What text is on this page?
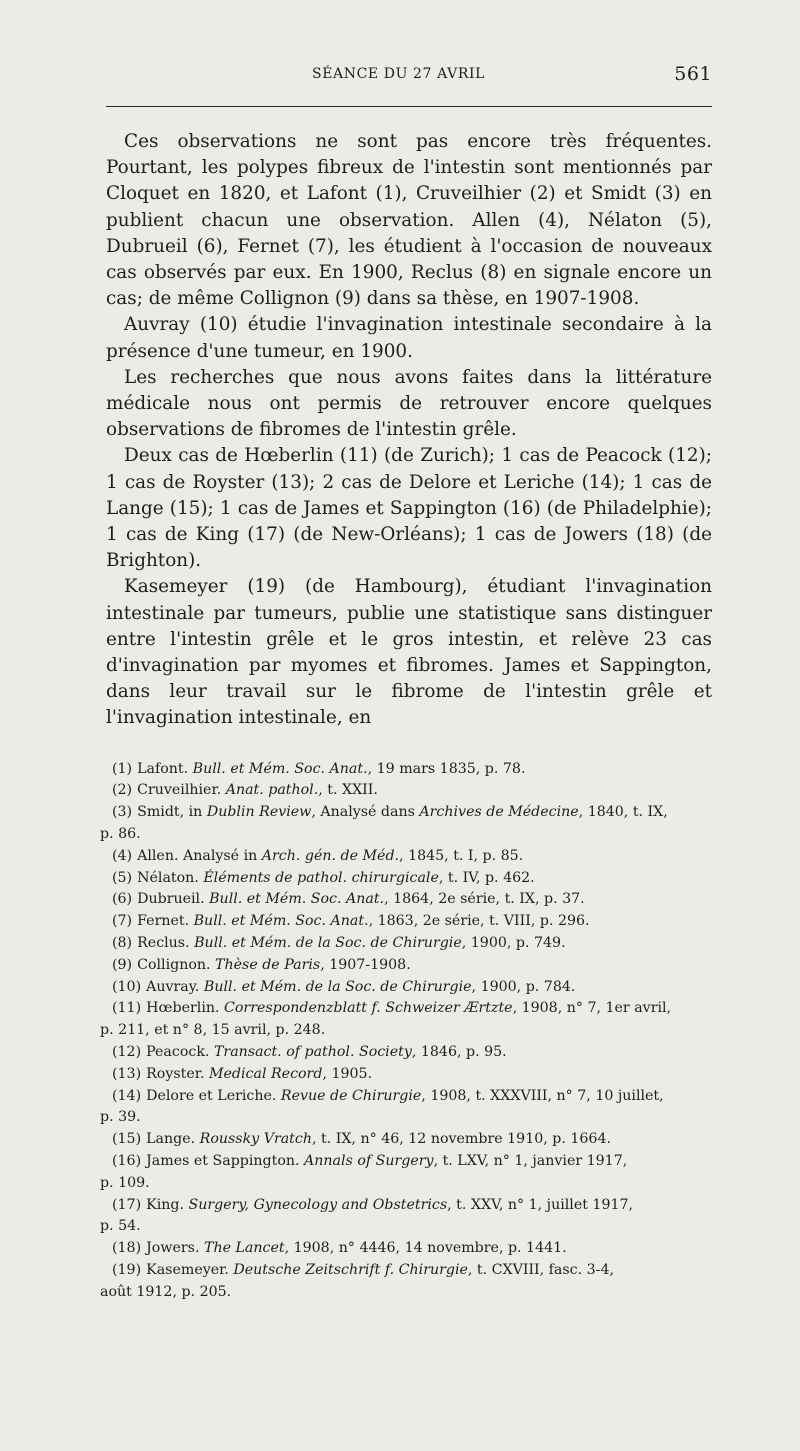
SÉANCE DU 27 AVRIL	561

Ces observations ne sont pas encore très fréquentes. Pourtant, les polypes fibreux de l'intestin sont mentionnés par Cloquet en 1820, et Lafont (1), Cruveilhier (2) et Smidt (3) en publient chacun une observation. Allen (4), Nélaton (5), Dubrueil (6), Fernet (7), les étudient à l'occasion de nouveaux cas observés par eux. En 1900, Reclus (8) en signale encore un cas; de même Collignon (9) dans sa thèse, en 1907-1908.

Auvray (10) étudie l'invagination intestinale secondaire à la présence d'une tumeur, en 1900.

Les recherches que nous avons faites dans la littérature médicale nous ont permis de retrouver encore quelques observations de fibromes de l'intestin grêle.

Deux cas de Hœberlin (11) (de Zurich); 1 cas de Peacock (12); 1 cas de Royster (13); 2 cas de Delore et Leriche (14); 1 cas de Lange (15); 1 cas de James et Sappington (16) (de Philadelphie); 1 cas de King (17) (de New-Orléans); 1 cas de Jowers (18) (de Brighton).

Kasemeyer (19) (de Hambourg), étudiant l'invagination intestinale par tumeurs, publie une statistique sans distinguer entre l'intestin grêle et le gros intestin, et relève 23 cas d'invagination par myomes et fibromes. James et Sappington, dans leur travail sur le fibrome de l'intestin grêle et l'invagination intestinale, en

(1) Lafont. Bull. et Mém. Soc. Anat., 19 mars 1835, p. 78.
(2) Cruveilhier. Anat. pathol., t. XXII.
(3) Smidt, in Dublin Review, Analysé dans Archives de Médecine, 1840, t. IX,
p. 86.
(4) Allen. Analysé in Arch. gén. de Méd., 1845, t. I, p. 85.
(5) Nélaton. Éléments de pathol. chirurgicale, t. IV, p. 462.
(6) Dubrueil. Bull. et Mém. Soc. Anat., 1864, 2e série, t. IX, p. 37.
(7) Fernet. Bull. et Mém. Soc. Anat., 1863, 2e série, t. VIII, p. 296.
(8) Reclus. Bull. et Mém. de la Soc. de Chirurgie, 1900, p. 749.
(9) Collignon. Thèse de Paris, 1907-1908.
(10) Auvray. Bull. et Mém. de la Soc. de Chirurgie, 1900, p. 784.
(11) Hœberlin. Correspondenzblatt f. Schweizer Ærtzte, 1908, n° 7, 1er avril,
p. 211, et n° 8, 15 avril, p. 248.
(12) Peacock. Transact. of pathol. Society, 1846, p. 95.
(13) Royster. Medical Record, 1905.
(14) Delore et Leriche. Revue de Chirurgie, 1908, t. XXXVIII, n° 7, 10 juillet,
p. 39.
(15) Lange. Roussky Vratch, t. IX, n° 46, 12 novembre 1910, p. 1664.
(16) James et Sappington. Annals of Surgery, t. LXV, n° 1, janvier 1917,
p. 109.
(17) King. Surgery, Gynecology and Obstetrics, t. XXV, n° 1, juillet 1917,
p. 54.
(18) Jowers. The Lancet, 1908, n° 4446, 14 novembre, p. 1441.
(19) Kasemeyer. Deutsche Zeitschrift f. Chirurgie, t. CXVIII, fasc. 3-4,
août 1912, p. 205.
